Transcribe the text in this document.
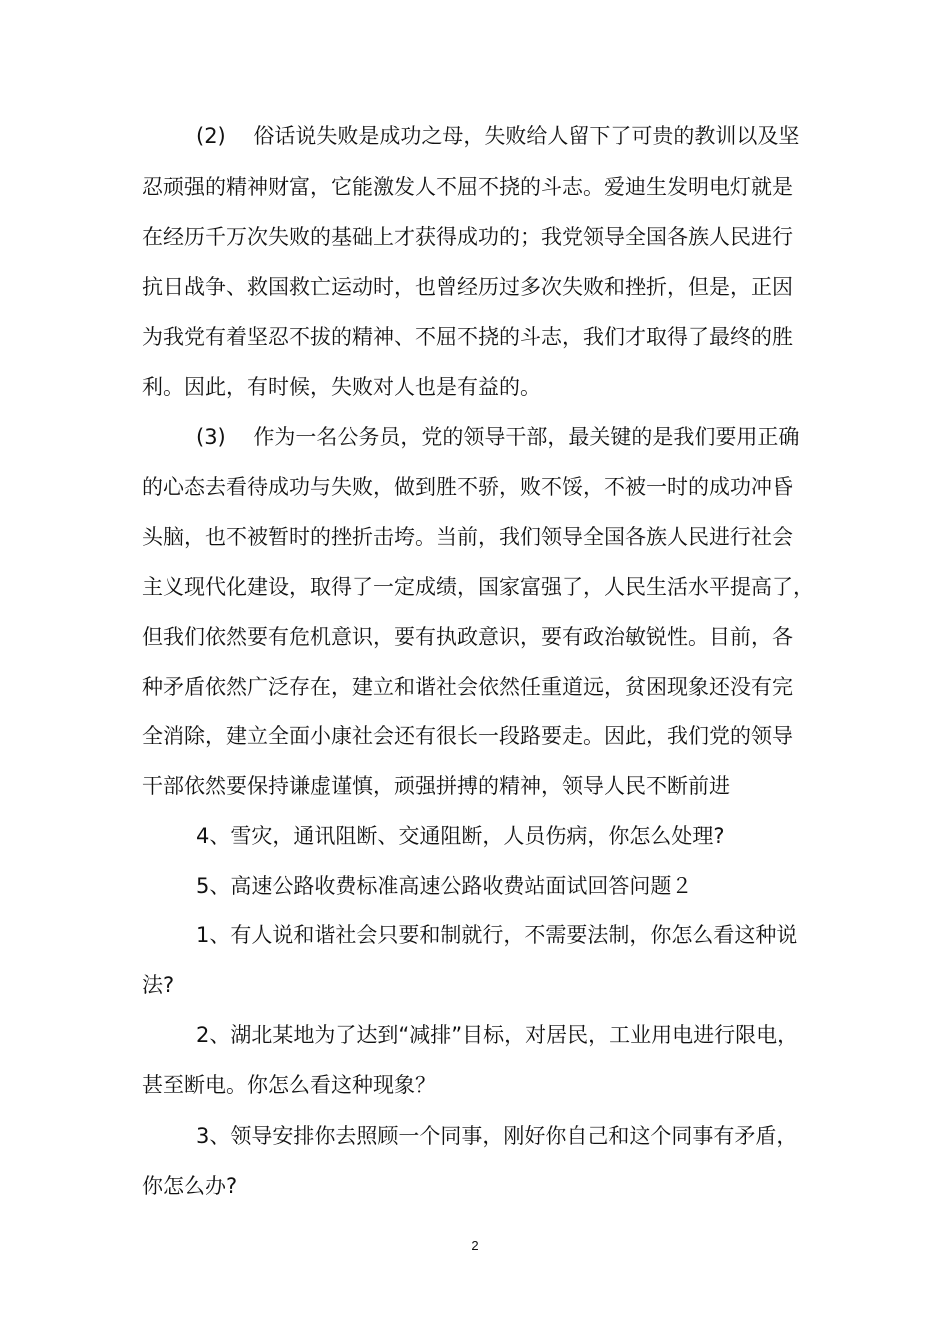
(2)　 俗话说失败是成功之母，失败给人留下了可贵的教训以及坚
忍顽强的精神财富，它能激发人不屈不挠的斗志。爱迪生发明电灯就是
在经历千万次失败的基础上才获得成功的；我党领导全国各族人民进行
抗日战争、救国救亡运动时，也曾经历过多次失败和挫折，但是，正因
为我党有着坚忍不拔的精神、不屈不挠的斗志，我们才取得了最终的胜
利。因此，有时候，失败对人也是有益的。
(3)　 作为一名公务员，党的领导干部，最关键的是我们要用正确
的心态去看待成功与失败，做到胜不骄，败不馁，不被一时的成功冲昏
头脑，也不被暂时的挫折击垮。当前，我们领导全国各族人民进行社会
主义现代化建设，取得了一定成绩，国家富强了，人民生活水平提高了，
但我们依然要有危机意识，要有执政意识，要有政治敏锐性。目前，各
种矛盾依然广泛存在，建立和谐社会依然任重道远，贫困现象还没有完
全消除，建立全面小康社会还有很长一段路要走。因此，我们党的领导
干部依然要保持谦虚谨慎，顽强拼搏的精神，领导人民不断前进
4、雪灾，通讯阻断、交通阻断，人员伤病，你怎么处理?
5、高速公路收费标准高速公路收费站面试回答问题２
1、有人说和谐社会只要和制就行，不需要法制，你怎么看这种说
法?
2、湖北某地为了达到“减排”目标，对居民，工业用电进行限电，
甚至断电。你怎么看这种现象？
3、领导安排你去照顾一个同事，刚好你自己和这个同事有矛盾，
你怎么办?
2
